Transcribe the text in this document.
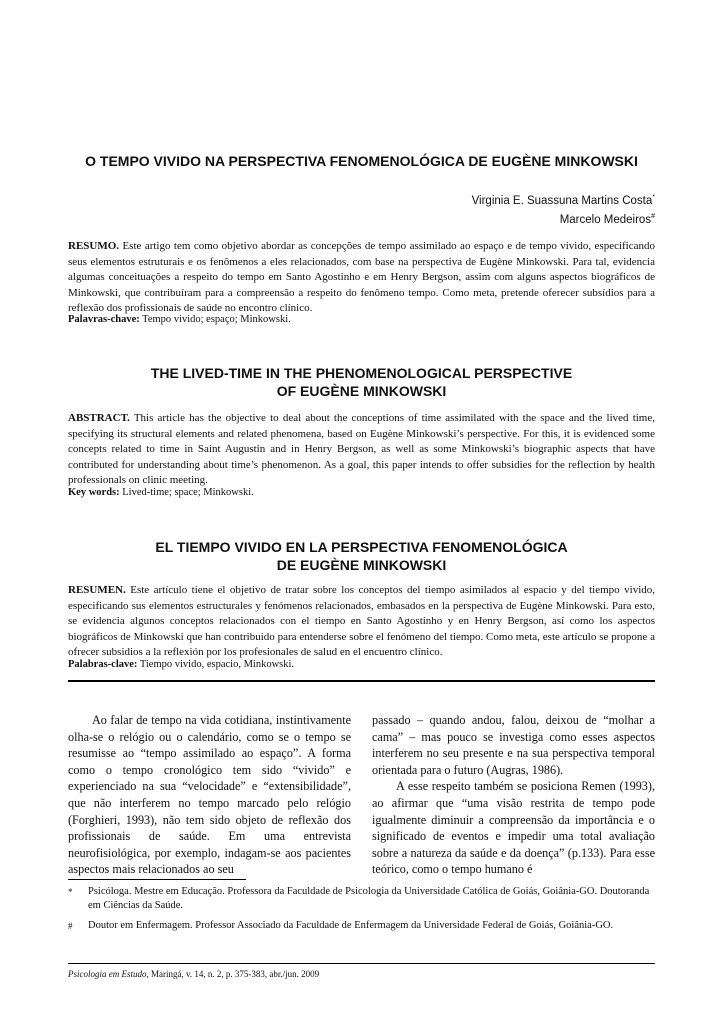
O TEMPO VIVIDO NA PERSPECTIVA FENOMENOLÓGICA DE EUGÈNE MINKOWSKI
Virginia E. Suassuna Martins Costa*
Marcelo Medeiros#

RESUMO. Este artigo tem como objetivo abordar as concepções de tempo assimilado ao espaço e de tempo vivido, especificando seus elementos estruturais e os fenômenos a eles relacionados, com base na perspectiva de Eugène Minkowski. Para tal, evidencia algumas conceituações a respeito do tempo em Santo Agostinho e em Henry Bergson, assim com alguns aspectos biográficos de Minkowski, que contribuíram para a compreensão a respeito do fenômeno tempo. Como meta, pretende oferecer subsídios para a reflexão dos profissionais de saúde no encontro clínico.

Palavras-chave: Tempo vivido; espaço; Minkowski.
THE LIVED-TIME IN THE PHENOMENOLOGICAL PERSPECTIVE
OF EUGÈNE MINKOWSKI

ABSTRACT. This article has the objective to deal about the conceptions of time assimilated with the space and the lived time, specifying its structural elements and related phenomena, based on Eugène Minkowski’s perspective. For this, it is evidenced some concepts related to time in Saint Augustin and in Henry Bergson, as well as some Minkowski’s biographic aspects that have contributed for understanding about time’s phenomenon. As a goal, this paper intends to offer subsidies for the reflection by health professionals on clinic meeting.

Key words: Lived-time; space; Minkowski.
EL TIEMPO VIVIDO EN LA PERSPECTIVA FENOMENOLÓGICA
DE EUGÈNE MINKOWSKI

RESUMEN. Este artículo tiene el objetivo de tratar sobre los conceptos del tiempo asimilados al espacio y del tiempo vivido, especificando sus elementos estructurales y fenómenos relacionados, embasados en la perspectiva de Eugène Minkowski. Para esto, se evidencia algunos conceptos relacionados con el tiempo en Santo Agostinho y en Henry Bergson, así como los aspectos biográficos de Minkowski que han contribuido para entenderse sobre el fenómeno del tiempo. Como meta, este artículo se propone a ofrecer subsidios a la reflexión por los profesionales de salud en el encuentro clínico.

Palabras-clave: Tiempo vivido, espacio, Minkowski.

Ao falar de tempo na vida cotidiana, instintivamente olha-se o relógio ou o calendário, como se o tempo se resumisse ao “tempo assimilado ao espaço”. A forma como o tempo cronológico tem sido “vivido” e experienciado na sua “velocidade” e “extensibilidade”, que não interferem no tempo marcado pelo relógio (Forghieri, 1993), não tem sido objeto de reflexão dos profissionais de saúde. Em uma entrevista neurofisiológica, por exemplo, indagam-se aos pacientes aspectos mais relacionados ao seu

passado – quando andou, falou, deixou de “molhar a cama” – mas pouco se investiga como esses aspectos interferem no seu presente e na sua perspectiva temporal orientada para o futuro (Augras, 1986).

A esse respeito também se posiciona Remen (1993), ao afirmar que “uma visão restrita de tempo pode igualmente diminuir a compreensão da importância e o significado de eventos e impedir uma total avaliação sobre a natureza da saúde e da doença” (p.133). Para esse teórico, como o tempo humano é

*	Psicóloga. Mestre em Educação. Professora da Faculdade de Psicologia da Universidade Católica de Goiás, Goiânia-GO. Doutoranda em Ciências da Saúde.
#	Doutor em Enfermagem. Professor Associado da Faculdade de Enfermagem da Universidade Federal de Goiás, Goiânia-GO.
Psicologia em Estudo, Maringá, v. 14, n. 2, p. 375-383, abr./jun. 2009
